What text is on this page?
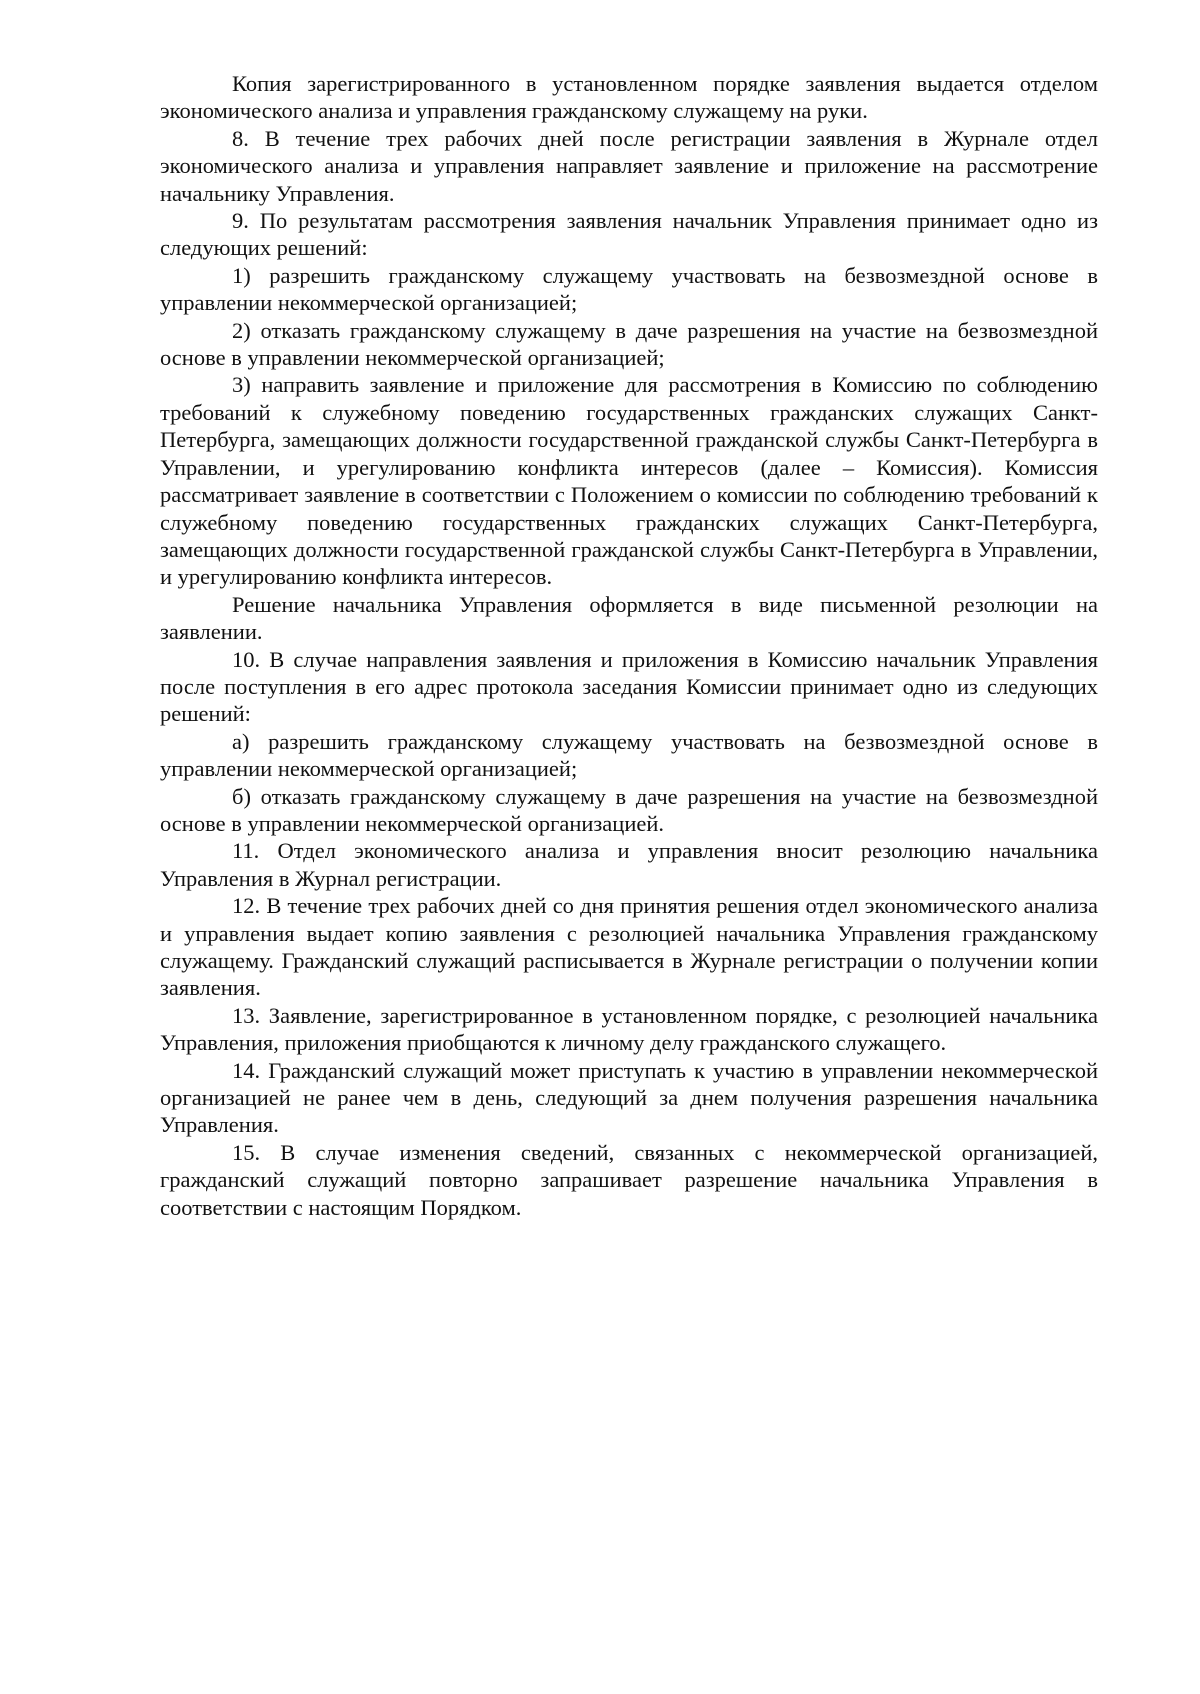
Копия зарегистрированного в установленном порядке заявления выдается отделом экономического анализа и управления гражданскому служащему на руки.

8. В течение трех рабочих дней после регистрации заявления в Журнале отдел экономического анализа и управления направляет заявление и приложение на рассмотрение начальнику Управления.

9. По результатам рассмотрения заявления начальник Управления принимает одно из следующих решений:

1) разрешить гражданскому служащему участвовать на безвозмездной основе в управлении некоммерческой организацией;

2) отказать гражданскому служащему в даче разрешения на участие на безвозмездной основе в управлении некоммерческой организацией;

3) направить заявление и приложение для рассмотрения в Комиссию по соблюдению требований к служебному поведению государственных гражданских служащих Санкт-Петербурга, замещающих должности государственной гражданской службы Санкт-Петербурга в Управлении, и урегулированию конфликта интересов (далее – Комиссия). Комиссия рассматривает заявление в соответствии с Положением о комиссии по соблюдению требований к служебному поведению государственных гражданских служащих Санкт-Петербурга, замещающих должности государственной гражданской службы Санкт-Петербурга в Управлении, и урегулированию конфликта интересов.

Решение начальника Управления оформляется в виде письменной резолюции на заявлении.

10. В случае направления заявления и приложения в Комиссию начальник Управления после поступления в его адрес протокола заседания Комиссии принимает одно из следующих решений:

а) разрешить гражданскому служащему участвовать на безвозмездной основе в управлении некоммерческой организацией;

б) отказать гражданскому служащему в даче разрешения на участие на безвозмездной основе в управлении некоммерческой организацией.

11. Отдел экономического анализа и управления вносит резолюцию начальника Управления в Журнал регистрации.

12. В течение трех рабочих дней со дня принятия решения отдел экономического анализа и управления выдает копию заявления с резолюцией начальника Управления гражданскому служащему. Гражданский служащий расписывается в Журнале регистрации о получении копии заявления.

13. Заявление, зарегистрированное в установленном порядке, с резолюцией начальника Управления, приложения приобщаются к личному делу гражданского служащего.

14. Гражданский служащий может приступать к участию в управлении некоммерческой организацией не ранее чем в день, следующий за днем получения разрешения начальника Управления.

15. В случае изменения сведений, связанных с некоммерческой организацией, гражданский служащий повторно запрашивает разрешение начальника Управления в соответствии с настоящим Порядком.
